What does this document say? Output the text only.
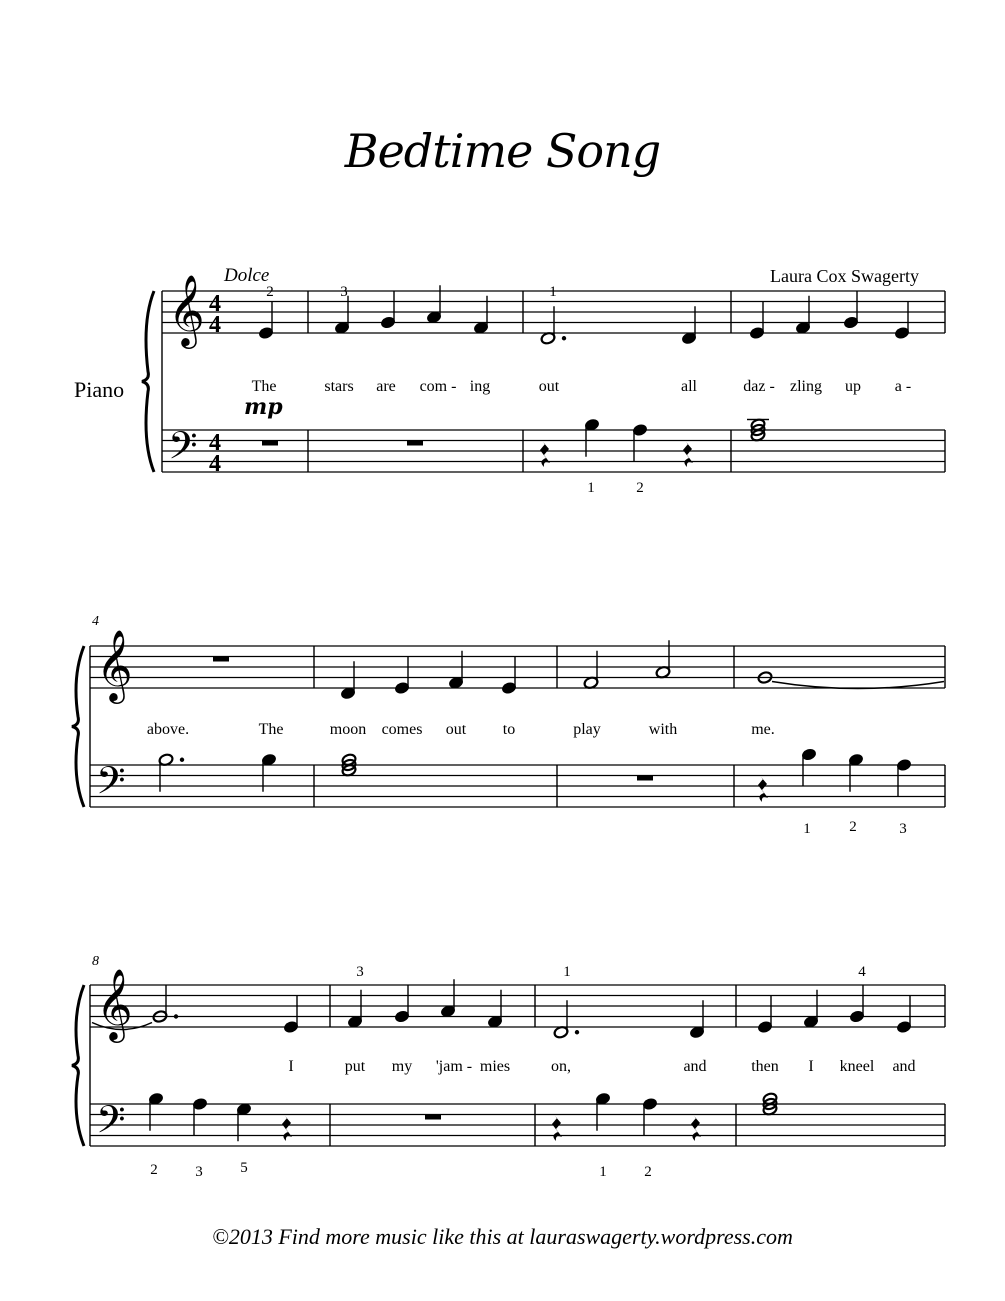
𝄞
𝄢
4
4
4
4
𝄞
𝄢
𝄞
𝄢
Bedtime Song
Dolce	Laura Cox Swagerty
Piano
mp
The	stars are com - ing	out	all	daz - zling up a -
2	3	1
1	2
4
above.	The	moon comes out to	play	with	me.
1	2	3
8
I	put my 'jam - mies	on,	and	then I kneel and
3	1	4
2	3	5	1	2
©2013 Find more music like this at lauraswagerty.wordpress.com
